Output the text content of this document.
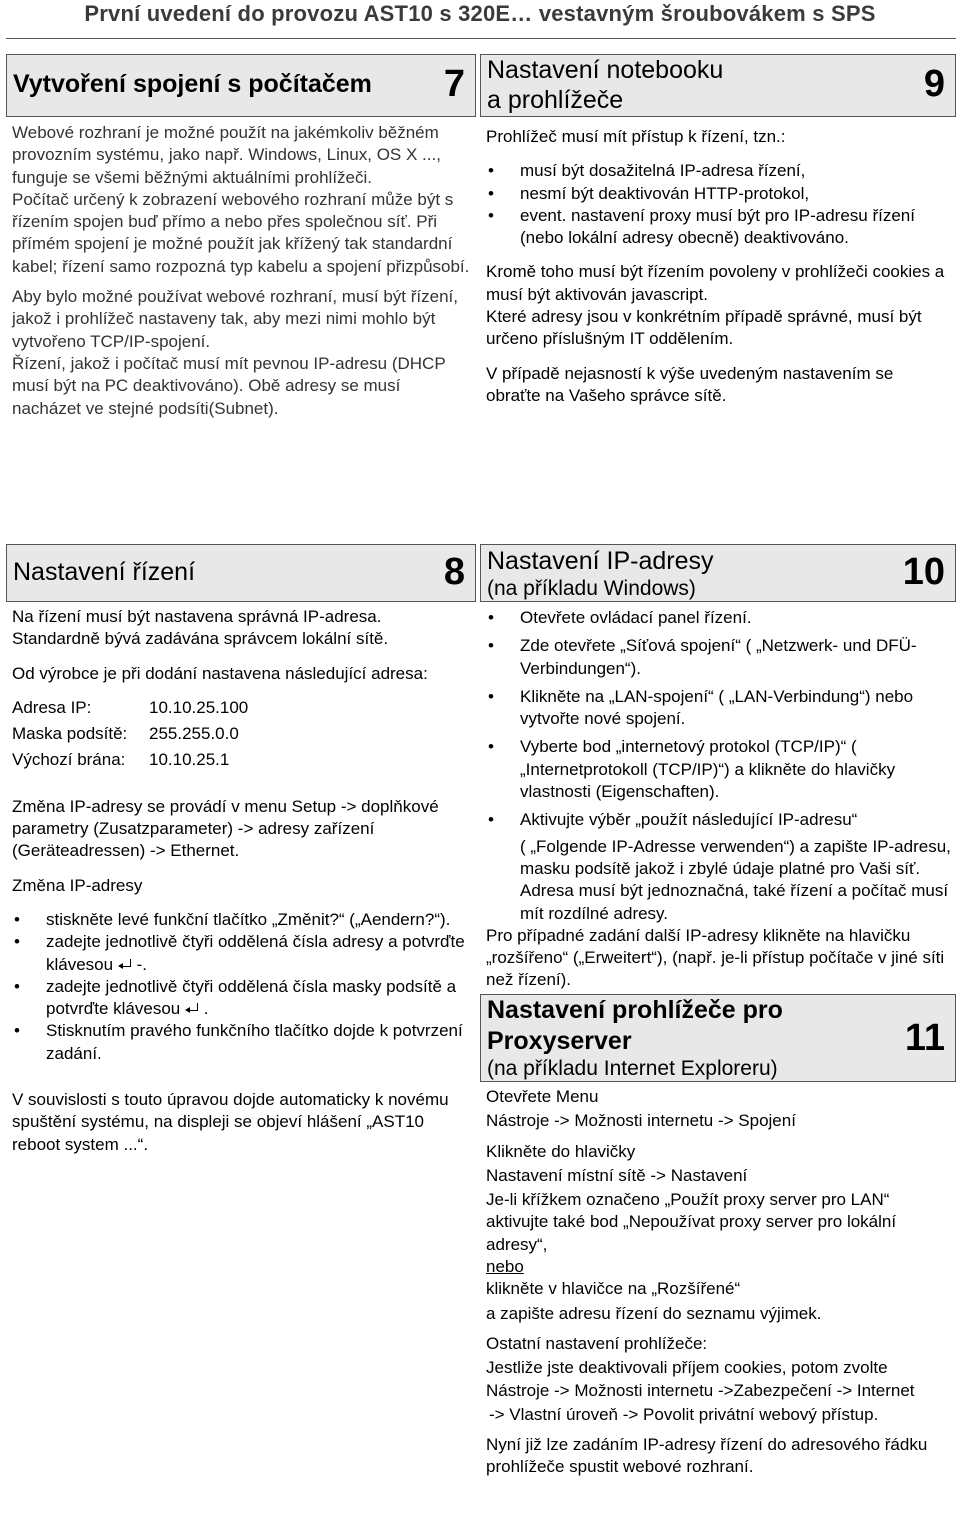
První uvedení do provozu AST10 s 320E… vestavným šroubovákem s SPS
Vytvoření spojení s počítačem 7

Webové rozhraní je možné použít na jakémkoliv běžném provozním systému, jako např. Windows, Linux, OS X ..., funguje se všemi běžnými aktuálními prohlížeči.

Počítač určený k zobrazení webového rozhraní může být s řízením spojen buď přímo a nebo přes společnou síť. Při přímém spojení je možné použít jak křížený tak standardní kabel; řízení samo rozpozná typ kabelu a spojení přizpůsobí.

Aby bylo možné používat webové rozhraní, musí být řízení, jakož i prohlížeč nastaveny tak, aby mezi nimi mohlo být vytvořeno TCP/IP-spojení.

Řízení, jakož i počítač musí mít pevnou IP-adresu (DHCP musí být na PC deaktivováno). Obě adresy se musí nacházet ve stejné podsíti(Subnet).

Nastavení notebooku
a prohlížeče	9

Prohlížeč musí mít přístup k řízení, tzn.:

• musí být dosažitelná IP-adresa řízení,
• nesmí být deaktivován HTTP-protokol,
• event. nastavení proxy musí být pro IP-adresu řízení (nebo lokální adresy obecně) deaktivováno.

Kromě toho musí být řízením povoleny v prohlížeči cookies a musí být aktivován javascript.

Které adresy jsou v konkrétním případě správné, musí být určeno příslušným IT oddělením.

V případě nejasností k výše uvedeným nastavením se obraťte na Vašeho správce sítě.

Nastavení řízení	8

Na řízení musí být nastavena správná IP-adresa. Standardně bývá zadávána správcem lokální sítě.

Od výrobce je při dodání nastavena následující adresa:

Adresa IP:	10.10.25.100
Maska podsítě:	255.255.0.0
Výchozí brána:	10.10.25.1

Změna IP-adresy se provádí v menu Setup -> doplňkové parametry (Zusatzparameter) -> adresy zařízení (Geräteadressen) -> Ethernet.

Změna IP-adresy

• stiskněte levé funkční tlačítko „Změnit?“ („Aendern?“).
• zadejte jednotlivě čtyři oddělená čísla adresy a potvrďte klávesou -.
• zadejte jednotlivě čtyři oddělená čísla masky podsítě a potvrďte klávesou .
• Stisknutím pravého funkčního tlačítko dojde k potvrzení zadání.

V souvislosti s touto úpravou dojde automaticky k novému spuštění systému, na displeji se objeví hlášení „AST10 reboot system ...“.

Nastavení IP-adresy
(na příkladu Windows)	10
• Otevřete ovládací panel řízení.
• Zde otevřete „Síťová spojení“ ( „Netzwerk- und DFÜ-Verbindungen“).
• Klikněte na „LAN-spojení“ ( „LAN-Verbindung“) nebo vytvořte nové spojení.
• Vyberte bod „internetový protokol (TCP/IP)“ ( „Internetprotokoll (TCP/IP)“) a klikněte do hlavičky vlastnosti (Eigenschaften).
• Aktivujte výběr „použít následující IP-adresu“

( „Folgende IP-Adresse verwenden“) a zapište IP-adresu, masku podsítě jakož i zbylé údaje platné pro Vaši síť. Adresa musí být jednoznačná, také řízení a počítač musí mít rozdílné adresy.

Pro případné zadání další IP-adresy klikněte na hlavičku „rozšířeno“ („Erweitert“), (např. je-li přístup počítače v jiné síti než řízení).

Nastavení prohlížeče pro
Proxyserver
(na příkladu Internet Exploreru)
11

Otevřete Menu

Nástroje -> Možnosti internetu -> Spojení

Klikněte do hlavičky

Nastavení místní sítě -> Nastavení

Je-li křížkem označeno „Použít proxy server pro LAN“ aktivujte také bod „Nepoužívat proxy server pro lokální adresy“,

nebo

klikněte v hlavičce na „Rozšířené“

a zapište adresu řízení do seznamu výjimek.

Ostatní nastavení prohlížeče:

Jestliže jste deaktivovali příjem cookies, potom zvolte Nástroje -> Možnosti internetu ->Zabezpečení -> Internet

-> Vlastní úroveň -> Povolit privátní webový přístup.

Nyní již lze zadáním IP-adresy řízení do adresového řádku prohlížeče spustit webové rozhraní.
